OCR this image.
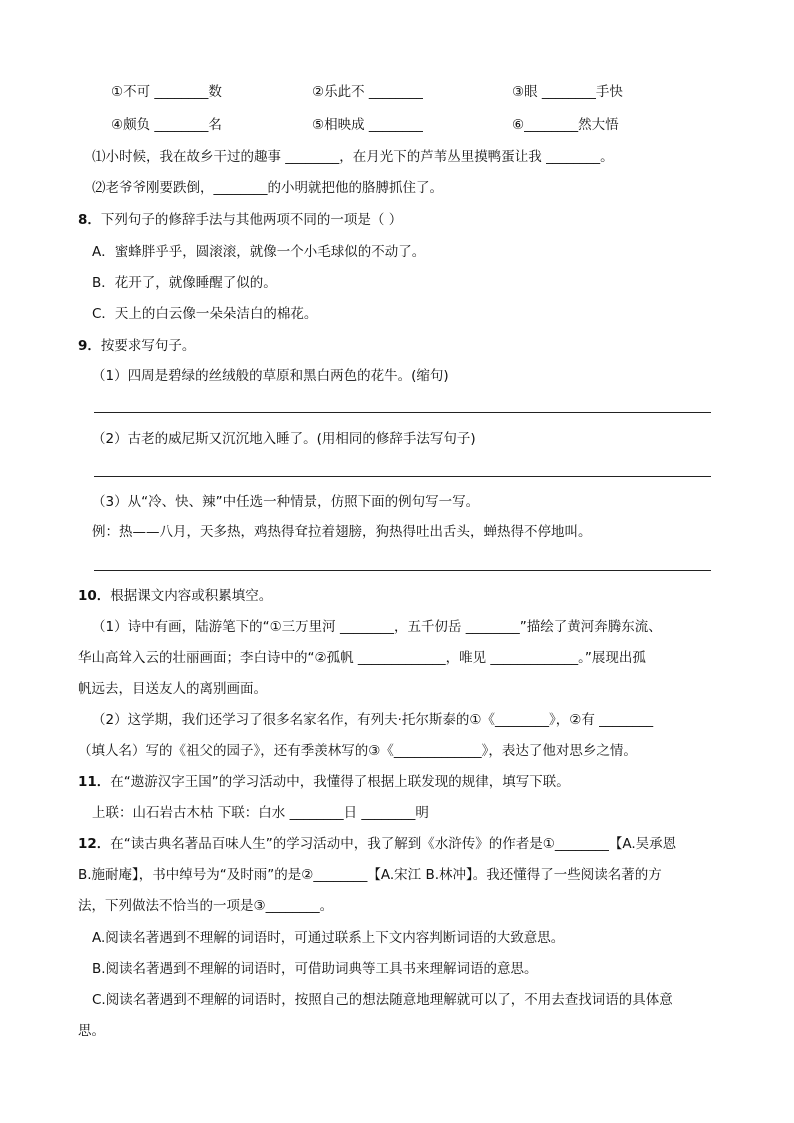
①不可 ________数	②乐此不 ________	③眼 ________手快
④颇负 ________名	⑤相映成 ________	⑥________然大悟
⑴小时候，我在故乡干过的趣事 ________，在月光下的芦苇丛里摸鸭蛋让我 ________。
⑵老爷爷刚要跌倒，________的小明就把他的胳膊抓住了。
8．下列句子的修辞手法与其他两项不同的一项是（ ）
A．蜜蜂胖乎乎，圆滚滚，就像一个小毛球似的不动了。
B．花开了，就像睡醒了似的。
C．天上的白云像一朵朵洁白的棉花。
9．按要求写句子。
（1）四周是碧绿的丝绒般的草原和黑白两色的花牛。(缩句)
（2）古老的威尼斯又沉沉地入睡了。(用相同的修辞手法写句子)
（3）从“冷、快、辣”中任选一种情景，仿照下面的例句写一写。
例：热——八月，天多热，鸡热得耷拉着翅膀，狗热得吐出舌头，蝉热得不停地叫。
10．根据课文内容或积累填空。
（1）诗中有画，陆游笔下的“①三万里河 ________，五千仞岳 ________”描绘了黄河奔腾东流、
华山高耸入云的壮丽画面；李白诗中的“②孤帆 _____________，唯见 _____________。”展现出孤
帆远去，目送友人的离别画面。
（2）这学期，我们还学习了很多名家名作，有列夫·托尔斯泰的①《________》，②有 ________
（填人名）写的《祖父的园子》，还有季羡林写的③《_____________》，表达了他对思乡之情。
11．在“遨游汉字王国”的学习活动中，我懂得了根据上联发现的规律，填写下联。
上联：山石岩古木枯 下联：白水 ________日 ________明
12．在“读古典名著品百味人生”的学习活动中，我了解到《水浒传》的作者是①________【A.吴承恩
B.施耐庵】，书中绰号为“及时雨”的是②________【A.宋江 B.林冲】。我还懂得了一些阅读名著的方
法，下列做法不恰当的一项是③________。
A.阅读名著遇到不理解的词语时，可通过联系上下文内容判断词语的大致意思。
B.阅读名著遇到不理解的词语时，可借助词典等工具书来理解词语的意思。
C.阅读名著遇到不理解的词语时，按照自己的想法随意地理解就可以了，不用去查找词语的具体意
思。
